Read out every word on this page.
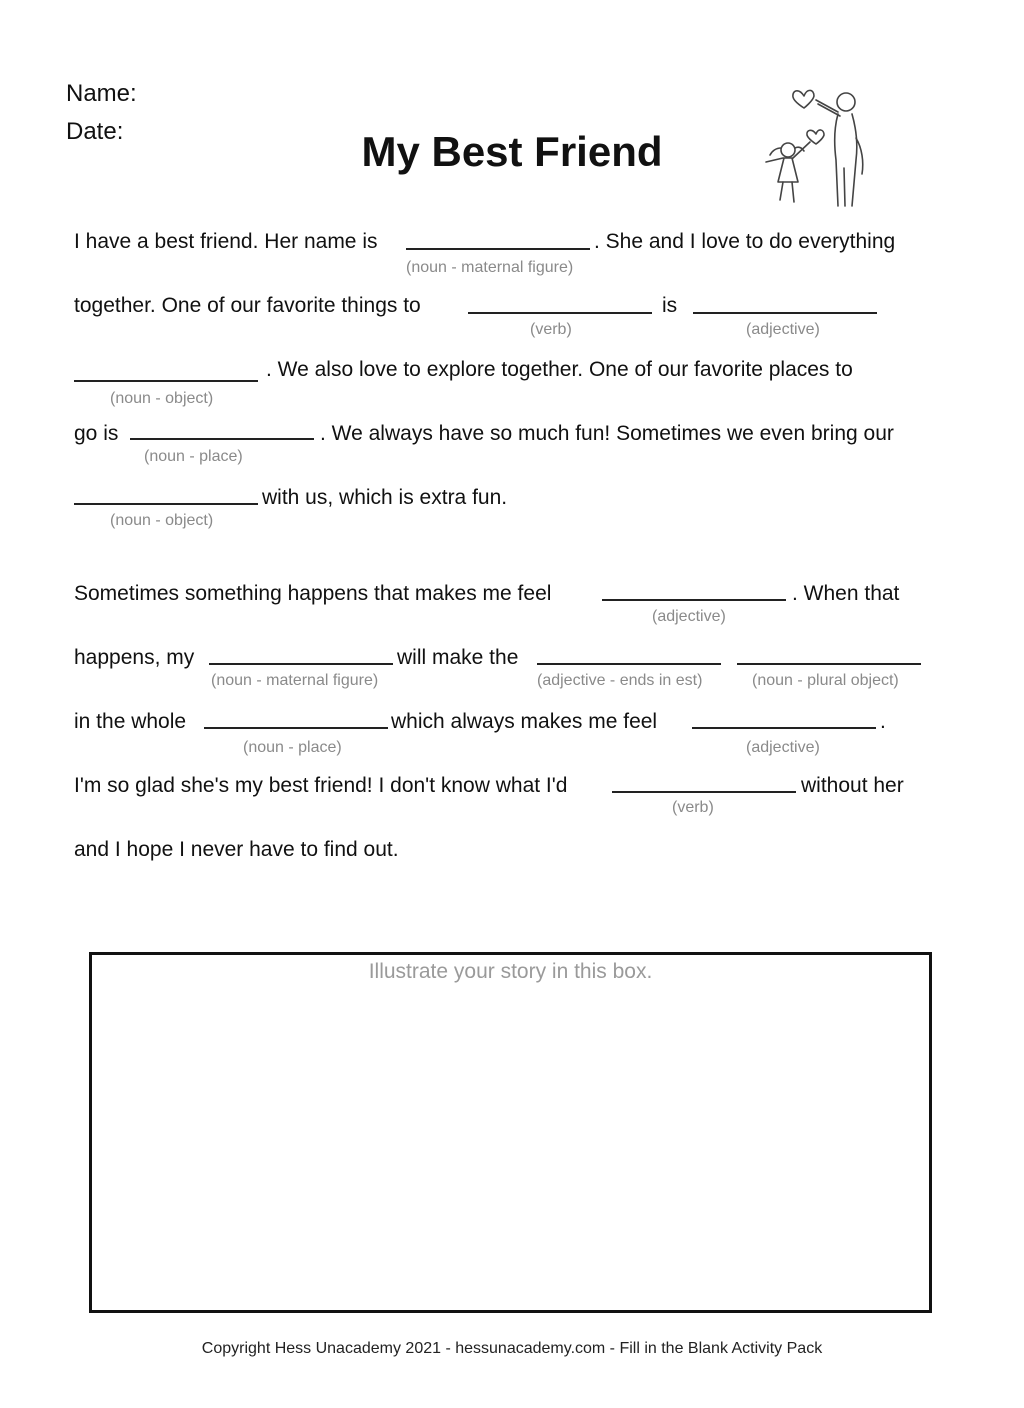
Name:
Date:	My Best Friend
I have a best friend. Her name is	. She and I love to do everything
(noun - maternal figure)
together. One of our favorite things to	is
(verb)	(adjective)
. We also love to explore together. One of our favorite places to
(noun - object)
go is	. We always have so much fun! Sometimes we even bring our
(noun - place)
with us, which is extra fun.
(noun - object)
Sometimes something happens that makes me feel	. When that
(adjective)
happens, my	will make the
(noun - maternal figure)	(adjective - ends in est)	(noun - plural object)
in the whole	which always makes me feel	.
(noun - place)	(adjective)
I'm so glad she's my best friend! I don't know what I'd	without her
(verb)
and I hope I never have to find out.
Illustrate your story in this box.
Copyright Hess Unacademy 2021 - hessunacademy.com - Fill in the Blank Activity Pack
